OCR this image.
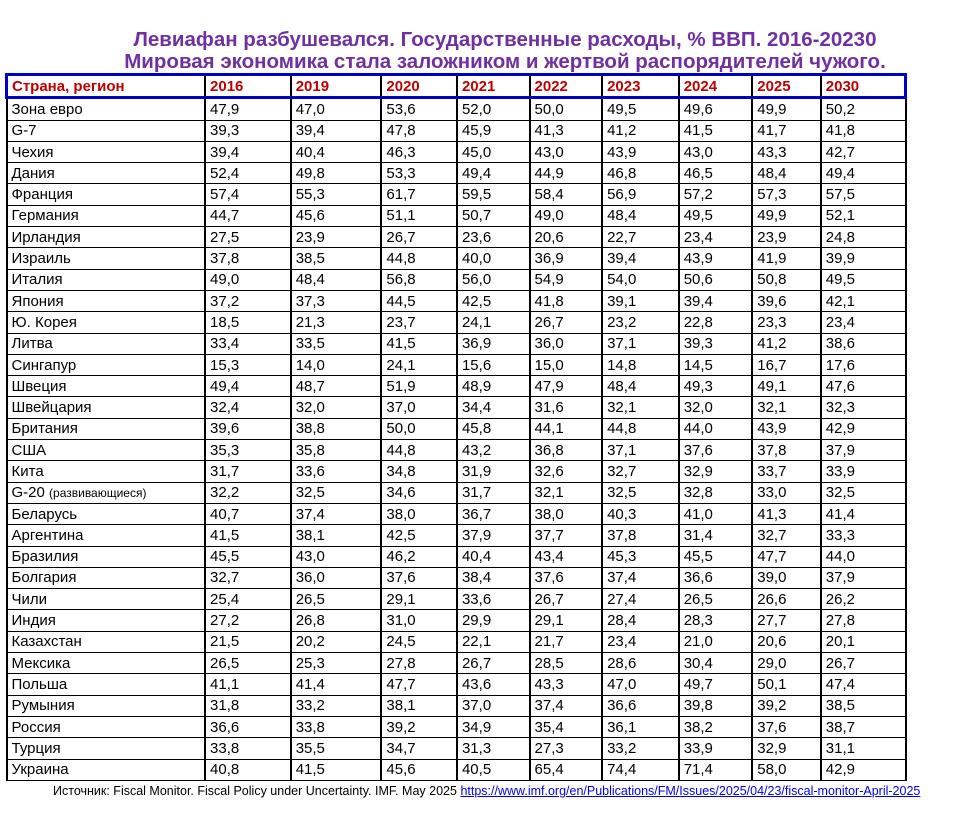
Левиафан разбушевался. Государственные расходы, % ВВП. 2016-20230
Мировая экономика стала заложником и жертвой распорядителей чужого.
Страна, регион	2016	2019	2020	2021	2022	2023	2024	2025	2030
Зона евро	47,9	47,0	53,6	52,0	50,0	49,5	49,6	49,9	50,2
G-7	39,3	39,4	47,8	45,9	41,3	41,2	41,5	41,7	41,8
Чехия	39,4	40,4	46,3	45,0	43,0	43,9	43,0	43,3	42,7
Дания	52,4	49,8	53,3	49,4	44,9	46,8	46,5	48,4	49,4
Франция	57,4	55,3	61,7	59,5	58,4	56,9	57,2	57,3	57,5
Германия	44,7	45,6	51,1	50,7	49,0	48,4	49,5	49,9	52,1
Ирландия	27,5	23,9	26,7	23,6	20,6	22,7	23,4	23,9	24,8
Израиль	37,8	38,5	44,8	40,0	36,9	39,4	43,9	41,9	39,9
Италия	49,0	48,4	56,8	56,0	54,9	54,0	50,6	50,8	49,5
Япония	37,2	37,3	44,5	42,5	41,8	39,1	39,4	39,6	42,1
Ю. Корея	18,5	21,3	23,7	24,1	26,7	23,2	22,8	23,3	23,4
Литва	33,4	33,5	41,5	36,9	36,0	37,1	39,3	41,2	38,6
Сингапур	15,3	14,0	24,1	15,6	15,0	14,8	14,5	16,7	17,6
Швеция	49,4	48,7	51,9	48,9	47,9	48,4	49,3	49,1	47,6
Швейцария	32,4	32,0	37,0	34,4	31,6	32,1	32,0	32,1	32,3
Британия	39,6	38,8	50,0	45,8	44,1	44,8	44,0	43,9	42,9
США	35,3	35,8	44,8	43,2	36,8	37,1	37,6	37,8	37,9
Кита	31,7	33,6	34,8	31,9	32,6	32,7	32,9	33,7	33,9
G-20 (развивающиеся)	32,2	32,5	34,6	31,7	32,1	32,5	32,8	33,0	32,5
Беларусь	40,7	37,4	38,0	36,7	38,0	40,3	41,0	41,3	41,4
Аргентина	41,5	38,1	42,5	37,9	37,7	37,8	31,4	32,7	33,3
Бразилия	45,5	43,0	46,2	40,4	43,4	45,3	45,5	47,7	44,0
Болгария	32,7	36,0	37,6	38,4	37,6	37,4	36,6	39,0	37,9
Чили	25,4	26,5	29,1	33,6	26,7	27,4	26,5	26,6	26,2
Индия	27,2	26,8	31,0	29,9	29,1	28,4	28,3	27,7	27,8
Казахстан	21,5	20,2	24,5	22,1	21,7	23,4	21,0	20,6	20,1
Мексика	26,5	25,3	27,8	26,7	28,5	28,6	30,4	29,0	26,7
Польша	41,1	41,4	47,7	43,6	43,3	47,0	49,7	50,1	47,4
Румыния	31,8	33,2	38,1	37,0	37,4	36,6	39,8	39,2	38,5
Россия	36,6	33,8	39,2	34,9	35,4	36,1	38,2	37,6	38,7
Турция	33,8	35,5	34,7	31,3	27,3	33,2	33,9	32,9	31,1
Украина	40,8	41,5	45,6	40,5	65,4	74,4	71,4	58,0	42,9
Источник: Fiscal Monitor. Fiscal Policy under Uncertainty. IMF. May 2025 https://www.imf.org/en/Publications/FM/Issues/2025/04/23/fiscal-monitor-April-2025
